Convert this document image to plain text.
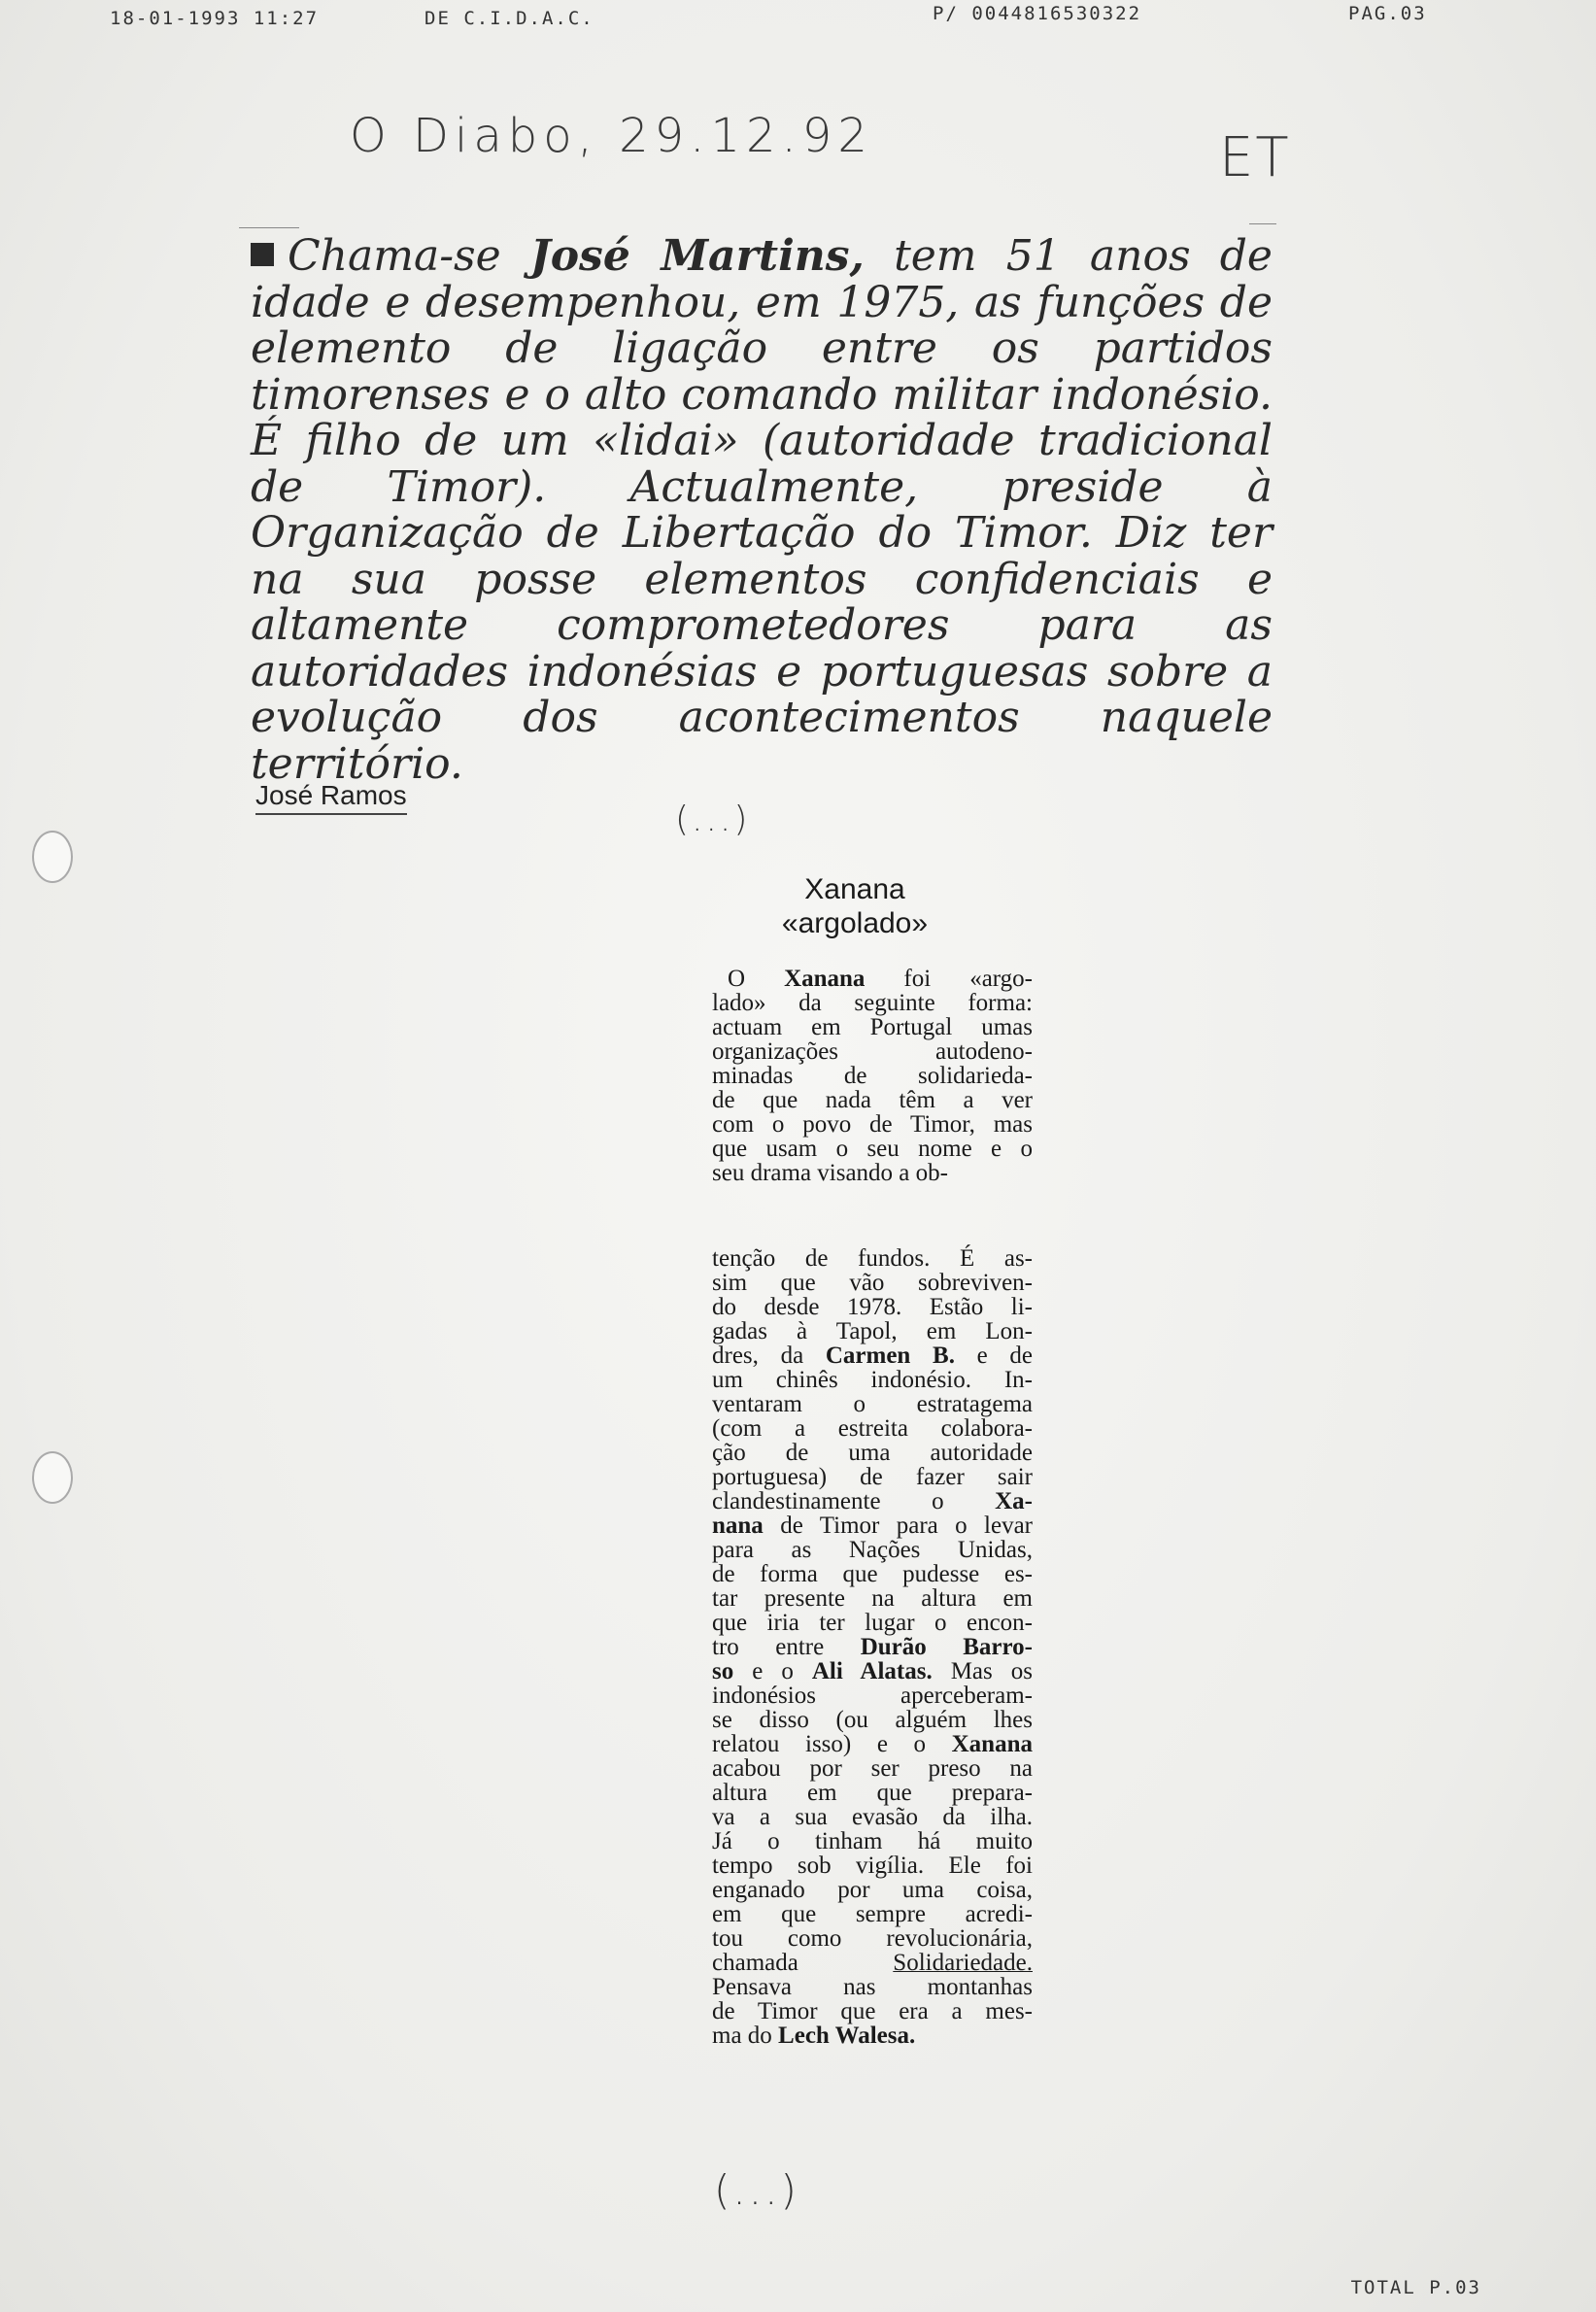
18-01-1993 11:27	DE C.I.D.A.C.	P/ 0044816530322	PAG.03
O Diabo, 29.12.92	ET
Chama-se José Martins, tem 51 anos de idade e desempenhou, em 1975, as funções de elemento de ligação entre os partidos timorenses e o alto comando militar indonésio. É filho de um «lidai» (autoridade tradicional de Timor). Actualmente, preside à Organização de Libertação do Timor. Diz ter na sua posse elementos confidenciais e altamente comprometedores para as autoridades indonésias e portuguesas sobre a evolução dos acontecimentos naquele território.
José Ramos
(...)
Xanana
«argolado»
O Xanana foi «argo-
lado» da seguinte forma:
actuam em Portugal umas
organizações autodeno-
minadas de solidarieda-
de que nada têm a ver
com o povo de Timor, mas
que usam o seu nome e o
seu drama visando a ob-
tenção de fundos. É as-
sim que vão sobreviven-
do desde 1978. Estão li-
gadas à Tapol, em Lon-
dres, da Carmen B. e de
um chinês indonésio. In-
ventaram o estratagema
(com a estreita colabora-
ção de uma autoridade
portuguesa) de fazer sair
clandestinamente o Xa-
nana de Timor para o levar
para as Nações Unidas,
de forma que pudesse es-
tar presente na altura em
que iria ter lugar o encon-
tro entre Durão Barro-
so e o Ali Alatas. Mas os
indonésios aperceberam-
se disso (ou alguém lhes
relatou isso) e o Xanana
acabou por ser preso na
altura em que prepara-
va a sua evasão da ilha.
Já o tinham há muito
tempo sob vigília. Ele foi
enganado por uma coisa,
em que sempre acredi-
tou como revolucionária,
chamada Solidariedade.
Pensava nas montanhas
de Timor que era a mes-
ma do Lech Walesa.
(...)
TOTAL P.03
